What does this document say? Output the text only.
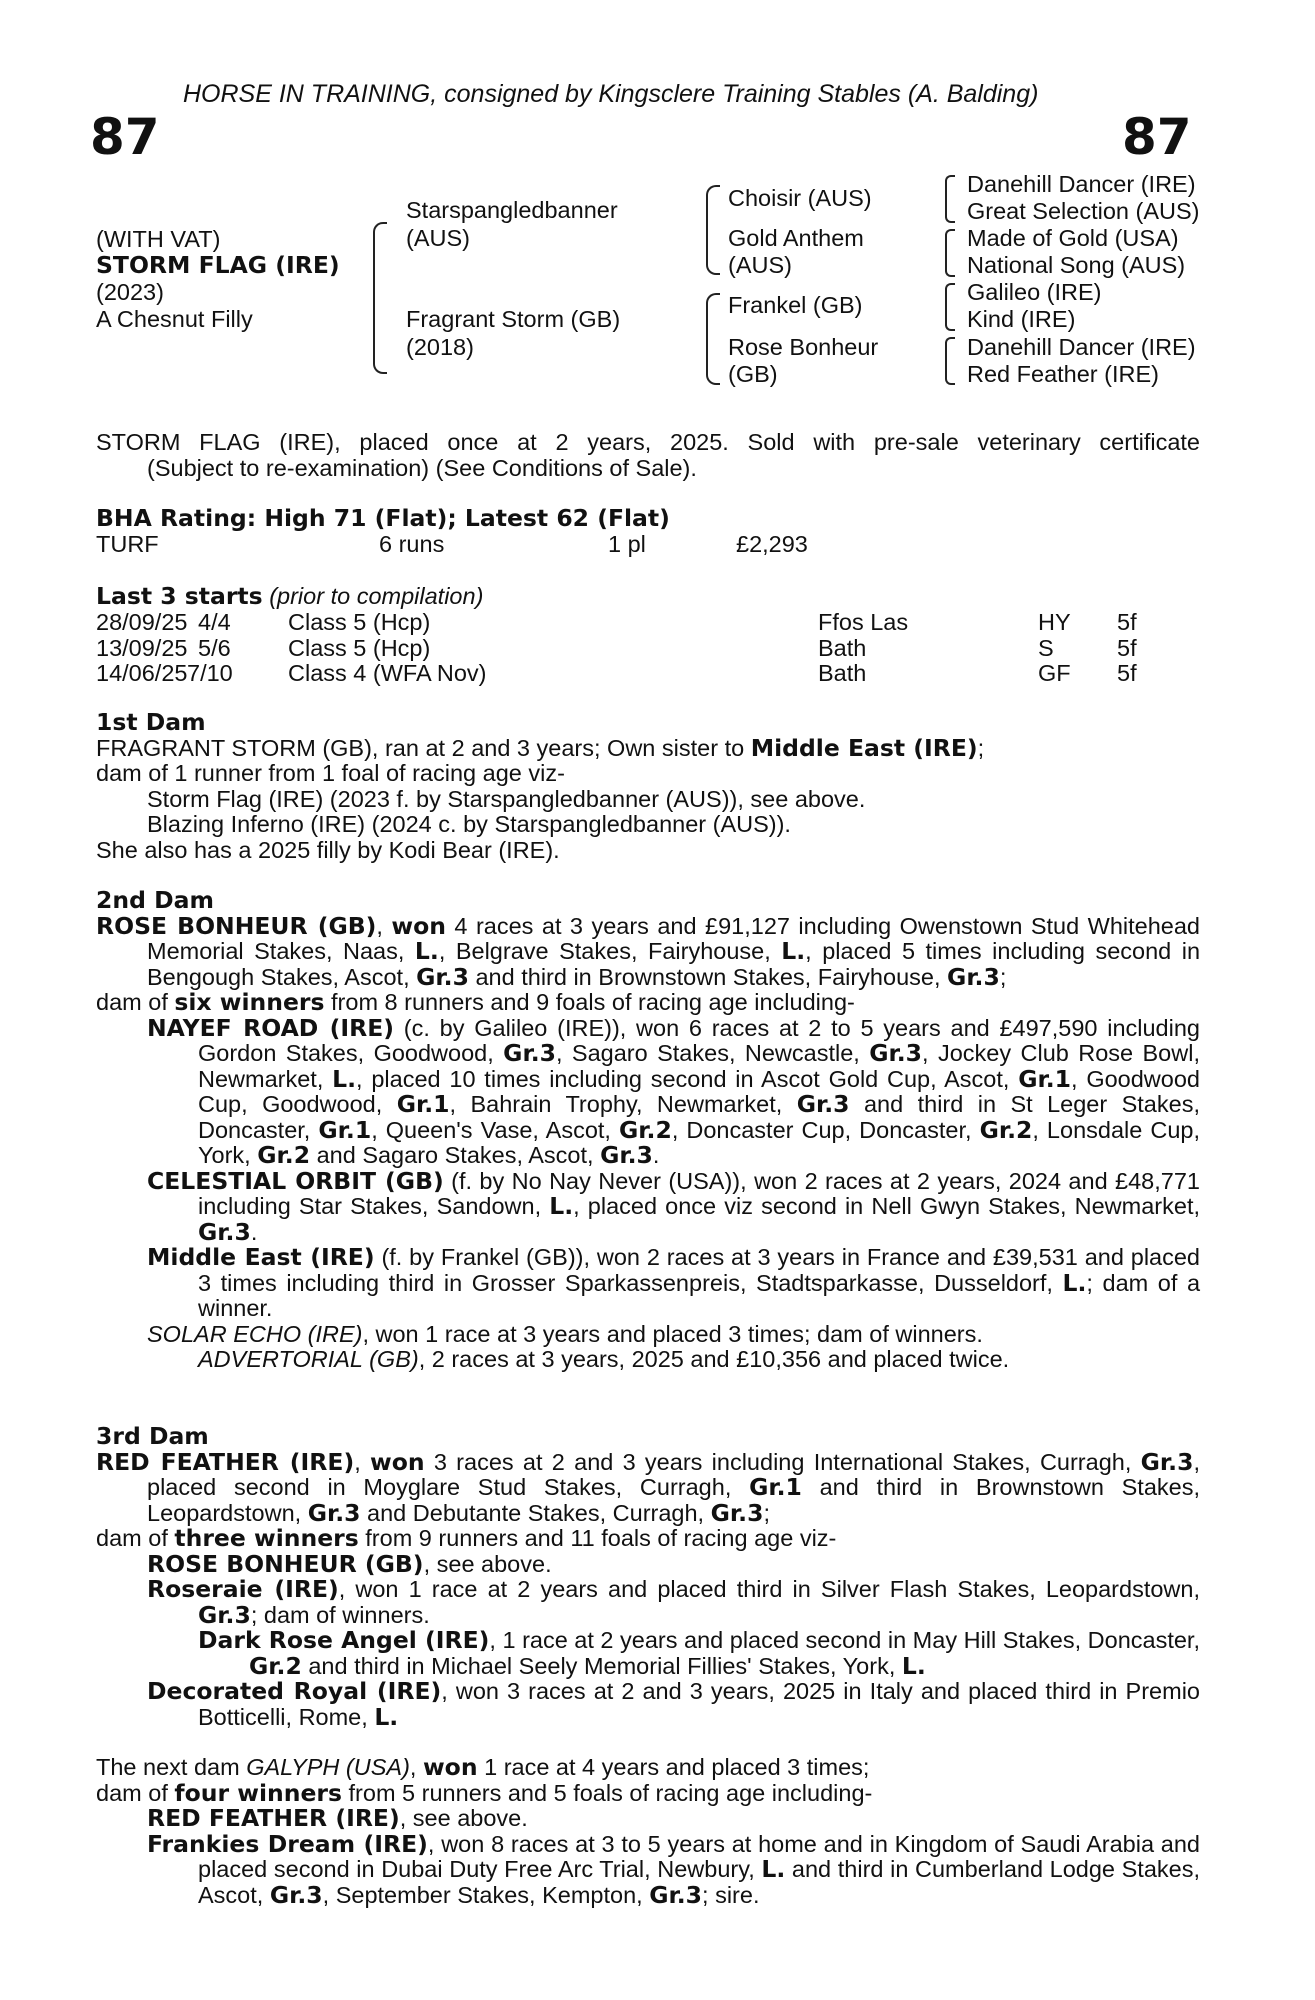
HORSE IN TRAINING, consigned by Kingsclere Training Stables (A. Balding)
87	87
(WITH VAT)
STORM FLAG (IRE)
(2023)
A Chesnut Filly
Starspangledbanner
(AUS)
Fragrant Storm (GB)
(2018)
Choisir (AUS)
Gold Anthem
(AUS)
Frankel (GB)
Rose Bonheur
(GB)
Danehill Dancer (IRE)
Great Selection (AUS)
Made of Gold (USA)
National Song (AUS)
Galileo (IRE)
Kind (IRE)
Danehill Dancer (IRE)
Red Feather (IRE)

STORM FLAG (IRE), placed once at 2 years, 2025. Sold with pre-sale veterinary certificate

(Subject to re-examination) (See Conditions of Sale).

BHA Rating: High 71 (Flat); Latest 62 (Flat)
TURF	6 runs	1 pl	£2,293
Last 3 starts (prior to compilation)
28/09/25 4/4 Class 5 (Hcp)	Ffos Las	HY 5f
13/09/25 5/6 Class 5 (Hcp)	Bath	S	5f
14/06/25 7/10 Class 4 (WFA Nov)	Bath	GF 5f

1st Dam

FRAGRANT STORM (GB), ran at 2 and 3 years; Own sister to Middle East (IRE);

dam of 1 runner from 1 foal of racing age viz-

Storm Flag (IRE) (2023 f. by Starspangledbanner (AUS)), see above.

Blazing Inferno (IRE) (2024 c. by Starspangledbanner (AUS)).

She also has a 2025 filly by Kodi Bear (IRE).

2nd Dam

ROSE BONHEUR (GB), won 4 races at 3 years and £91,127 including Owenstown Stud Whitehead Memorial Stakes, Naas, L., Belgrave Stakes, Fairyhouse, L., placed 5 times including second in Bengough Stakes, Ascot, Gr.3 and third in Brownstown Stakes, Fairyhouse, Gr.3;

dam of six winners from 8 runners and 9 foals of racing age including-

NAYEF ROAD (IRE) (c. by Galileo (IRE)), won 6 races at 2 to 5 years and £497,590 including Gordon Stakes, Goodwood, Gr.3, Sagaro Stakes, Newcastle, Gr.3, Jockey Club Rose Bowl, Newmarket, L., placed 10 times including second in Ascot Gold Cup, Ascot, Gr.1, Goodwood Cup, Goodwood, Gr.1, Bahrain Trophy, Newmarket, Gr.3 and third in St Leger Stakes, Doncaster, Gr.1, Queen's Vase, Ascot, Gr.2, Doncaster Cup, Doncaster, Gr.2, Lonsdale Cup, York, Gr.2 and Sagaro Stakes, Ascot, Gr.3.

CELESTIAL ORBIT (GB) (f. by No Nay Never (USA)), won 2 races at 2 years, 2024 and £48,771 including Star Stakes, Sandown, L., placed once viz second in Nell Gwyn Stakes, Newmarket, Gr.3.

Middle East (IRE) (f. by Frankel (GB)), won 2 races at 3 years in France and £39,531 and placed 3 times including third in Grosser Sparkassenpreis, Stadtsparkasse, Dusseldorf, L.; dam of a winner.

SOLAR ECHO (IRE), won 1 race at 3 years and placed 3 times; dam of winners.

ADVERTORIAL (GB), 2 races at 3 years, 2025 and £10,356 and placed twice.

3rd Dam

RED FEATHER (IRE), won 3 races at 2 and 3 years including International Stakes, Curragh, Gr.3, placed second in Moyglare Stud Stakes, Curragh, Gr.1 and third in Brownstown Stakes, Leopardstown, Gr.3 and Debutante Stakes, Curragh, Gr.3;

dam of three winners from 9 runners and 11 foals of racing age viz-

ROSE BONHEUR (GB), see above.

Roseraie (IRE), won 1 race at 2 years and placed third in Silver Flash Stakes, Leopardstown, Gr.3; dam of winners.

Dark Rose Angel (IRE), 1 race at 2 years and placed second in May Hill Stakes, Doncaster, Gr.2 and third in Michael Seely Memorial Fillies' Stakes, York, L.

Decorated Royal (IRE), won 3 races at 2 and 3 years, 2025 in Italy and placed third in Premio Botticelli, Rome, L.

The next dam GALYPH (USA), won 1 race at 4 years and placed 3 times;

dam of four winners from 5 runners and 5 foals of racing age including-

RED FEATHER (IRE), see above.

Frankies Dream (IRE), won 8 races at 3 to 5 years at home and in Kingdom of Saudi Arabia and placed second in Dubai Duty Free Arc Trial, Newbury, L. and third in Cumberland Lodge Stakes, Ascot, Gr.3, September Stakes, Kempton, Gr.3; sire.
